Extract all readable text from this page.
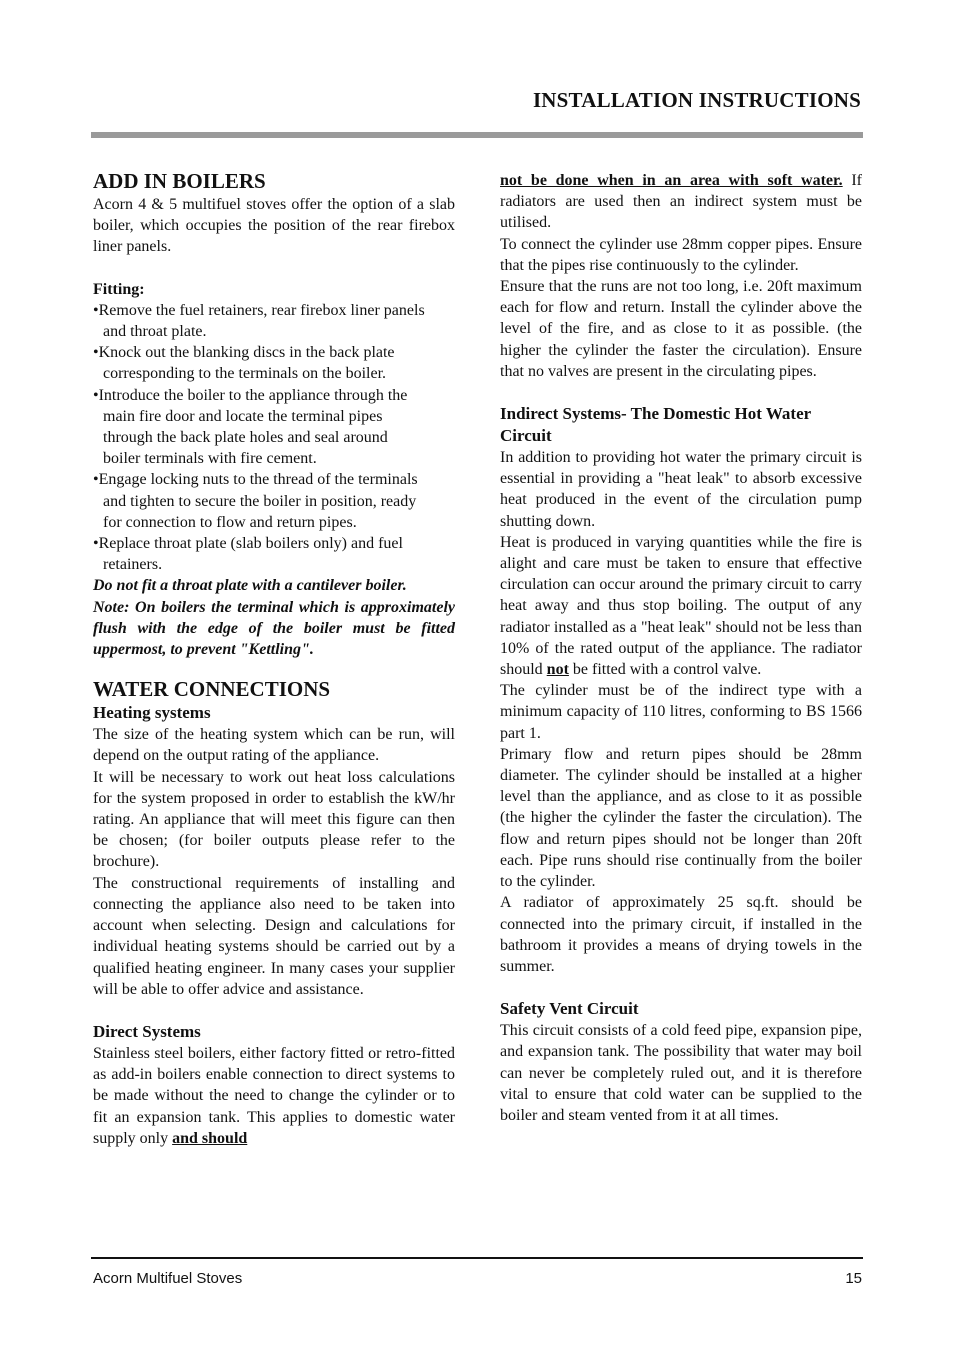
INSTALLATION INSTRUCTIONS
ADD IN BOILERS

Acorn 4 & 5 multifuel stoves offer the option of a slab boiler, which occupies the position of the rear firebox liner panels.

Fitting:

•Remove the fuel retainers, rear firebox liner panels and throat plate.

•Knock out the blanking discs in the back plate corresponding to the terminals on the boiler.

•Introduce the boiler to the appliance through the main fire door and locate the terminal pipes through the back plate holes and seal around boiler terminals with fire cement.

•Engage locking nuts to the thread of the terminals and tighten to secure the boiler in position, ready for connection to flow and return pipes.

•Replace throat plate (slab boilers only) and fuel retainers.

Do not fit a throat plate with a cantilever boiler.

Note: On boilers the terminal which is approximately flush with the edge of the boiler must be fitted uppermost, to prevent "Kettling".

WATER CONNECTIONS
Heating systems

The size of the heating system which can be run, will depend on the output rating of the appliance.

It will be necessary to work out heat loss calculations for the system proposed in order to establish the kW/hr rating. An appliance that will meet this figure can then be chosen; (for boiler outputs please refer to the brochure).

The constructional requirements of installing and connecting the appliance also need to be taken into account when selecting. Design and calculations for individual heating systems should be carried out by a qualified heating engineer. In many cases your supplier will be able to offer advice and assistance.

Direct Systems

Stainless steel boilers, either factory fitted or retro-fitted as add-in boilers enable connection to direct systems to be made without the need to change the cylinder or to fit an expansion tank. This applies to domestic water supply only and should

not be done when in an area with soft water. If radiators are used then an indirect system must be utilised.

To connect the cylinder use 28mm copper pipes. Ensure that the pipes rise continuously to the cylinder.

Ensure that the runs are not too long, i.e. 20ft maximum each for flow and return. Install the cylinder above the level of the fire, and as close to it as possible. (the higher the cylinder the faster the circulation). Ensure that no valves are present in the circulating pipes.

Indirect Systems- The Domestic Hot Water Circuit

In addition to providing hot water the primary circuit is essential in providing a "heat leak" to absorb excessive heat produced in the event of the circulation pump shutting down.

Heat is produced in varying quantities while the fire is alight and care must be taken to ensure that effective circulation can occur around the primary circuit to carry heat away and thus stop boiling. The output of any radiator installed as a "heat leak" should not be less than 10% of the rated output of the appliance. The radiator should not be fitted with a control valve.

The cylinder must be of the indirect type with a minimum capacity of 110 litres, conforming to BS 1566 part 1.

Primary flow and return pipes should be 28mm diameter. The cylinder should be installed at a higher level than the appliance, and as close to it as possible (the higher the cylinder the faster the circulation). The flow and return pipes should not be longer than 20ft each. Pipe runs should rise continually from the boiler to the cylinder.

A radiator of approximately 25 sq.ft. should be connected into the primary circuit, if installed in the bathroom it provides a means of drying towels in the summer.

Safety Vent Circuit

This circuit consists of a cold feed pipe, expansion pipe, and expansion tank. The possibility that water may boil can never be completely ruled out, and it is therefore vital to ensure that cold water can be supplied to the boiler and steam vented from it at all times.

Acorn Multifuel Stoves	15
